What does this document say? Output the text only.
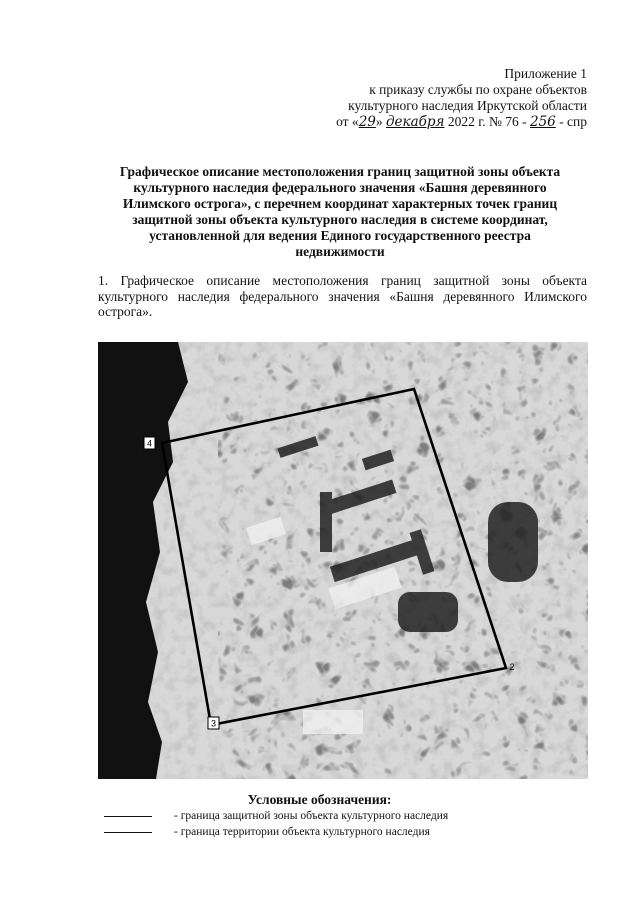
Приложение 1
к приказу службы по охране объектов
культурного наследия Иркутской области
от «29» декабря 2022 г. № 76 - 256 - спр
Графическое описание местоположения границ защитной зоны объекта культурного наследия федерального значения «Башня деревянного Илимского острога», с перечнем координат характерных точек границ защитной зоны объекта культурного наследия в системе координат, установленной для ведения Единого государственного реестра недвижимости
1. Графическое описание местоположения границ защитной зоны объекта культурного наследия федерального значения «Башня деревянного Илимского острога».
4
2
3
Условные обозначения:
- граница защитной зоны объекта культурного наследия
- граница территории объекта культурного наследия
